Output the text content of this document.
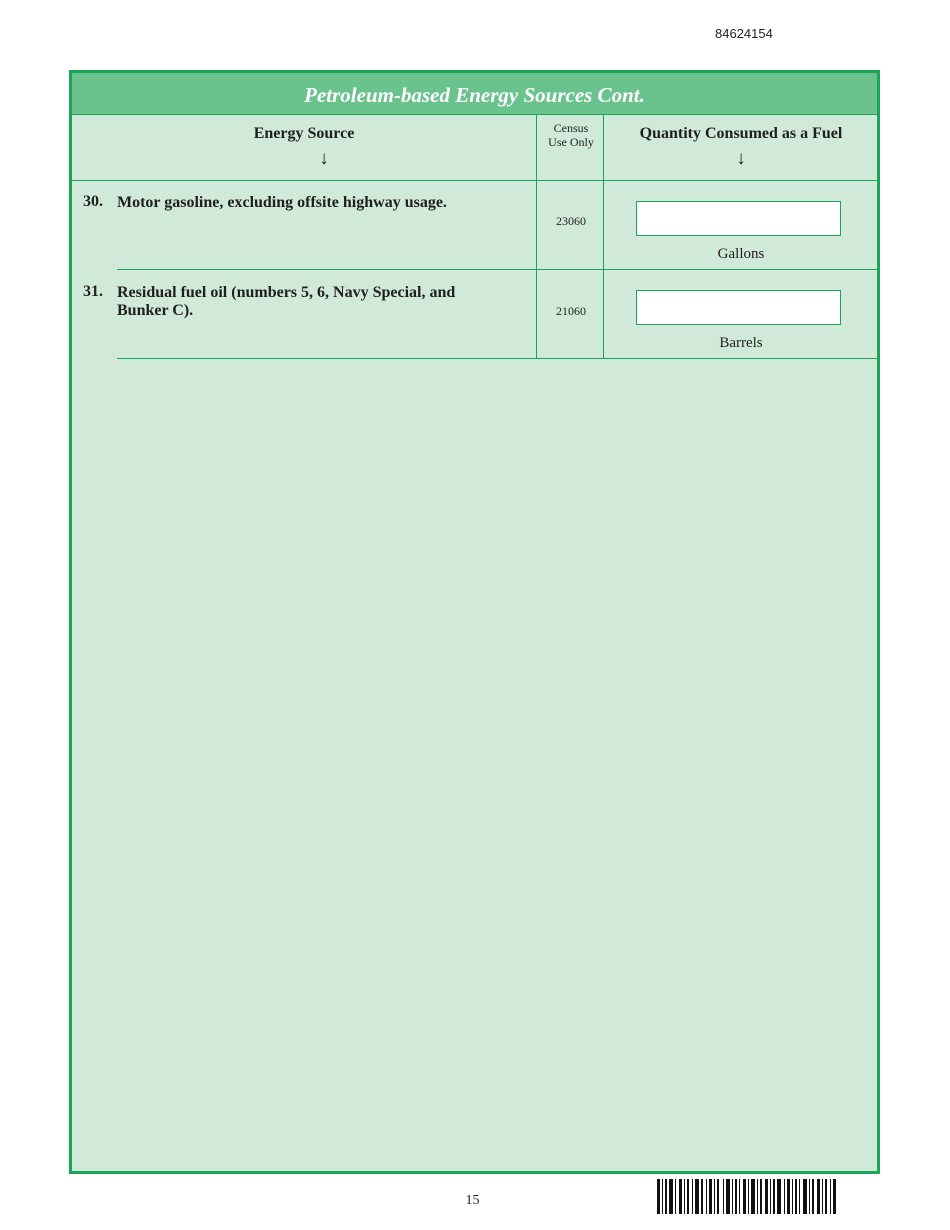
84624154
Petroleum-based Energy Sources Cont.
Energy Source
↓
Census
Use Only	Quantity Consumed as a Fuel
↓
30. Motor gasoline, excluding offsite highway usage.
23060
Gallons
31. Residual fuel oil (numbers 5, 6, Navy Special, and
Bunker C).	21060
Barrels
15
